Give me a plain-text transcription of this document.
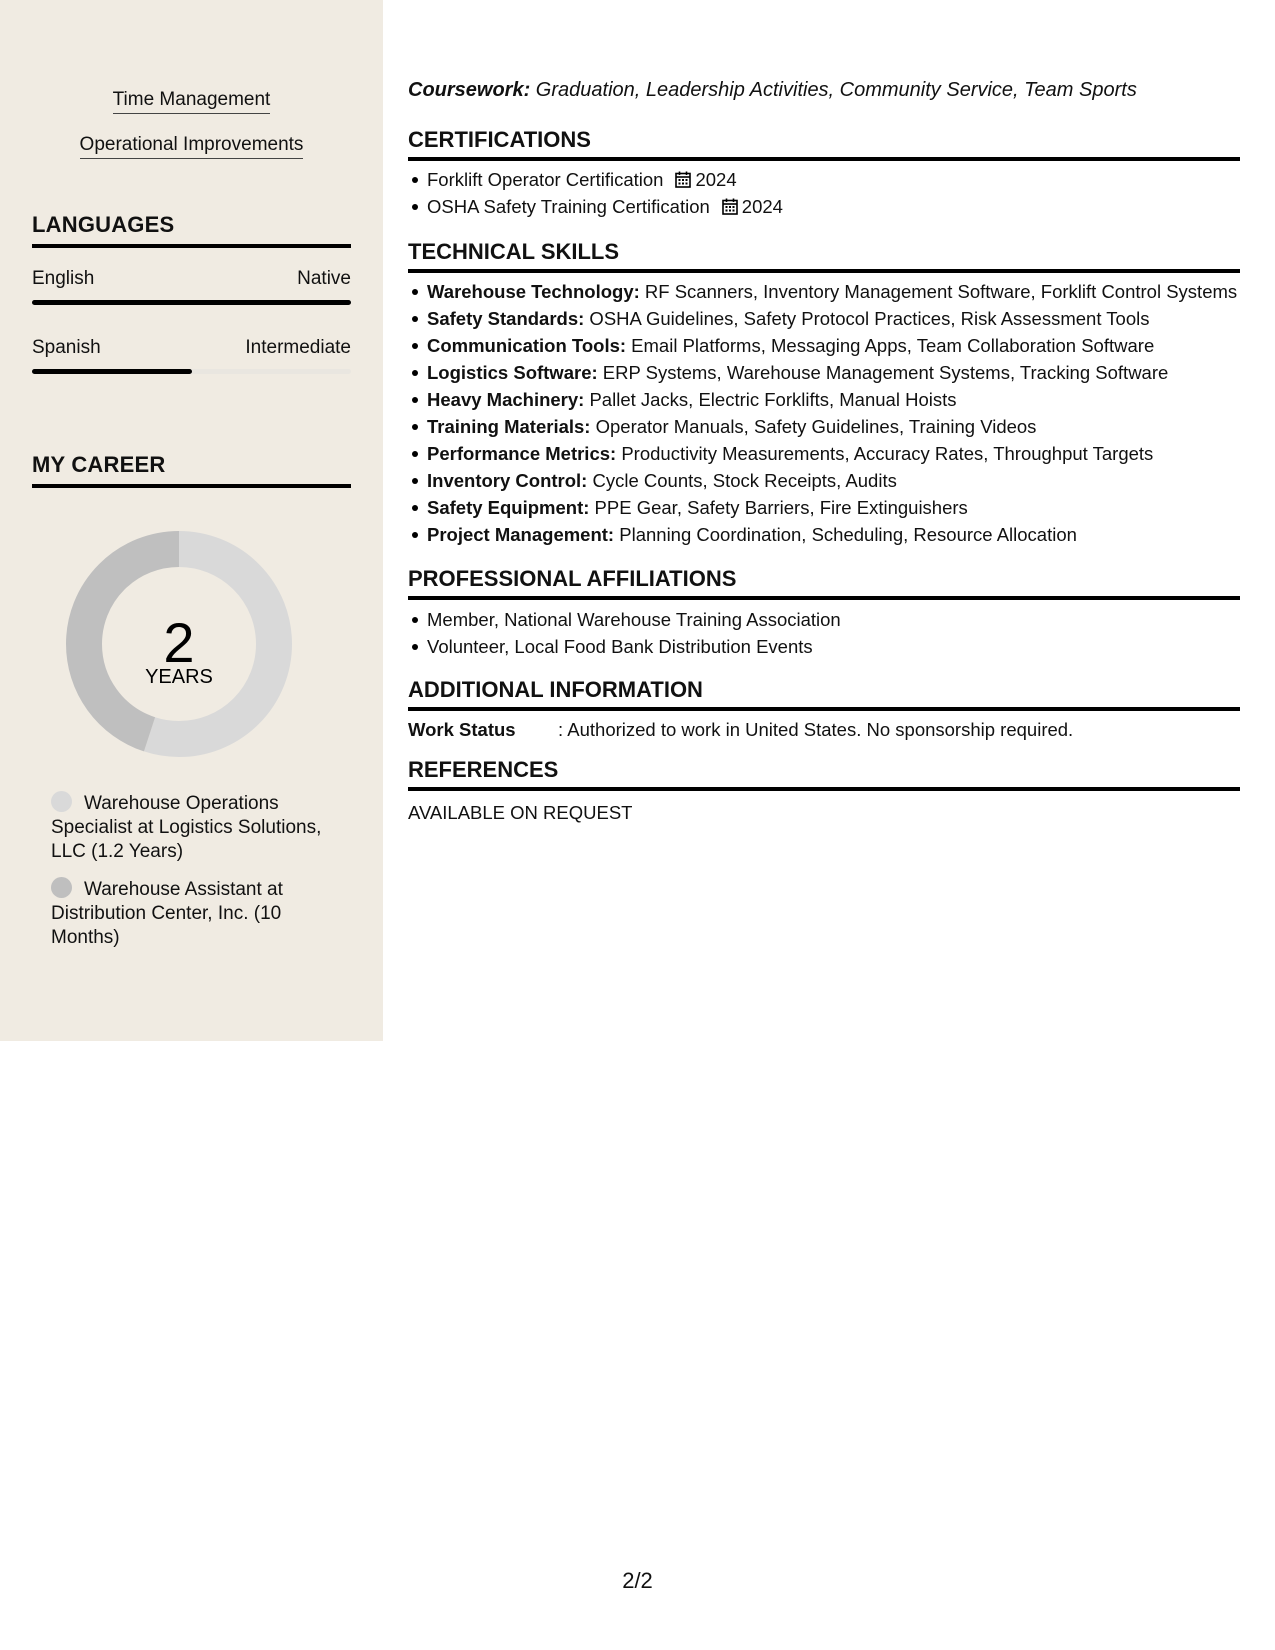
Time Management
Operational Improvements
LANGUAGES
English	Native
Spanish	Intermediate
MY CAREER
2
YEARS
Warehouse Operations Specialist at Logistics Solutions, LLC (1.2 Years)
Warehouse Assistant at Distribution Center, Inc. (10 Months)
Coursework: Graduation, Leadership Activities, Community Service, Team Sports
CERTIFICATIONS
Forklift Operator Certification 2024
OSHA Safety Training Certification 2024
TECHNICAL SKILLS
Warehouse Technology: RF Scanners, Inventory Management Software, Forklift Control Systems
Safety Standards: OSHA Guidelines, Safety Protocol Practices, Risk Assessment Tools
Communication Tools: Email Platforms, Messaging Apps, Team Collaboration Software
Logistics Software: ERP Systems, Warehouse Management Systems, Tracking Software
Heavy Machinery: Pallet Jacks, Electric Forklifts, Manual Hoists
Training Materials: Operator Manuals, Safety Guidelines, Training Videos
Performance Metrics: Productivity Measurements, Accuracy Rates, Throughput Targets
Inventory Control: Cycle Counts, Stock Receipts, Audits
Safety Equipment: PPE Gear, Safety Barriers, Fire Extinguishers
Project Management: Planning Coordination, Scheduling, Resource Allocation
PROFESSIONAL AFFILIATIONS
Member, National Warehouse Training Association
Volunteer, Local Food Bank Distribution Events
ADDITIONAL INFORMATION
Work Status : Authorized to work in United States. No sponsorship required.
REFERENCES
AVAILABLE ON REQUEST
2/2
